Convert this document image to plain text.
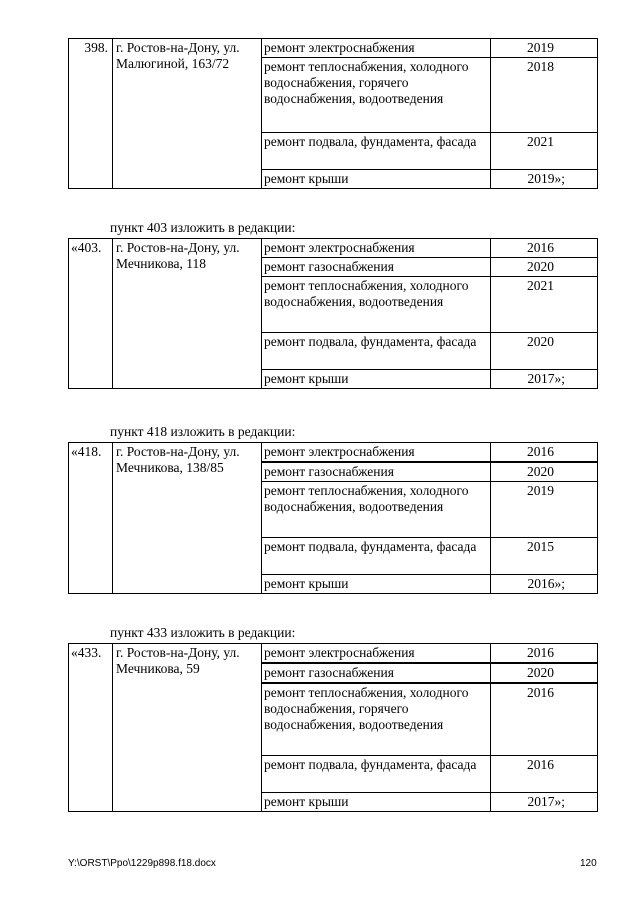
398.	г. Ростов-на-Дону, ул. Малюгиной, 163/72	ремонт электроснабжения	2019
		ремонт теплоснабжения, холодного водоснабжения, горячего водоснабжения, водоотведения	2018
		ремонт подвала, фундамента, фасада	2021
		ремонт крыши	2019»;
пункт 403 изложить в редакции:
«403.	г. Ростов-на-Дону, ул. Мечникова, 118	ремонт электроснабжения	2016
		ремонт газоснабжения	2020
		ремонт теплоснабжения, холодного водоснабжения, водоотведения	2021
		ремонт подвала, фундамента, фасада	2020
		ремонт крыши	2017»;
пункт 418 изложить в редакции:
«418.	г. Ростов-на-Дону, ул. Мечникова, 138/85	ремонт электроснабжения	2016
		ремонт газоснабжения	2020
		ремонт теплоснабжения, холодного водоснабжения, водоотведения	2019
		ремонт подвала, фундамента, фасада	2015
		ремонт крыши	2016»;
пункт 433 изложить в редакции:
«433.	г. Ростов-на-Дону, ул. Мечникова, 59	ремонт электроснабжения	2016
		ремонт газоснабжения	2020
		ремонт теплоснабжения, холодного водоснабжения, горячего водоснабжения, водоотведения	2016
		ремонт подвала, фундамента, фасада	2016
		ремонт крыши	2017»;
Y:\ORST\Ppo\1229p898.f18.docx	120
